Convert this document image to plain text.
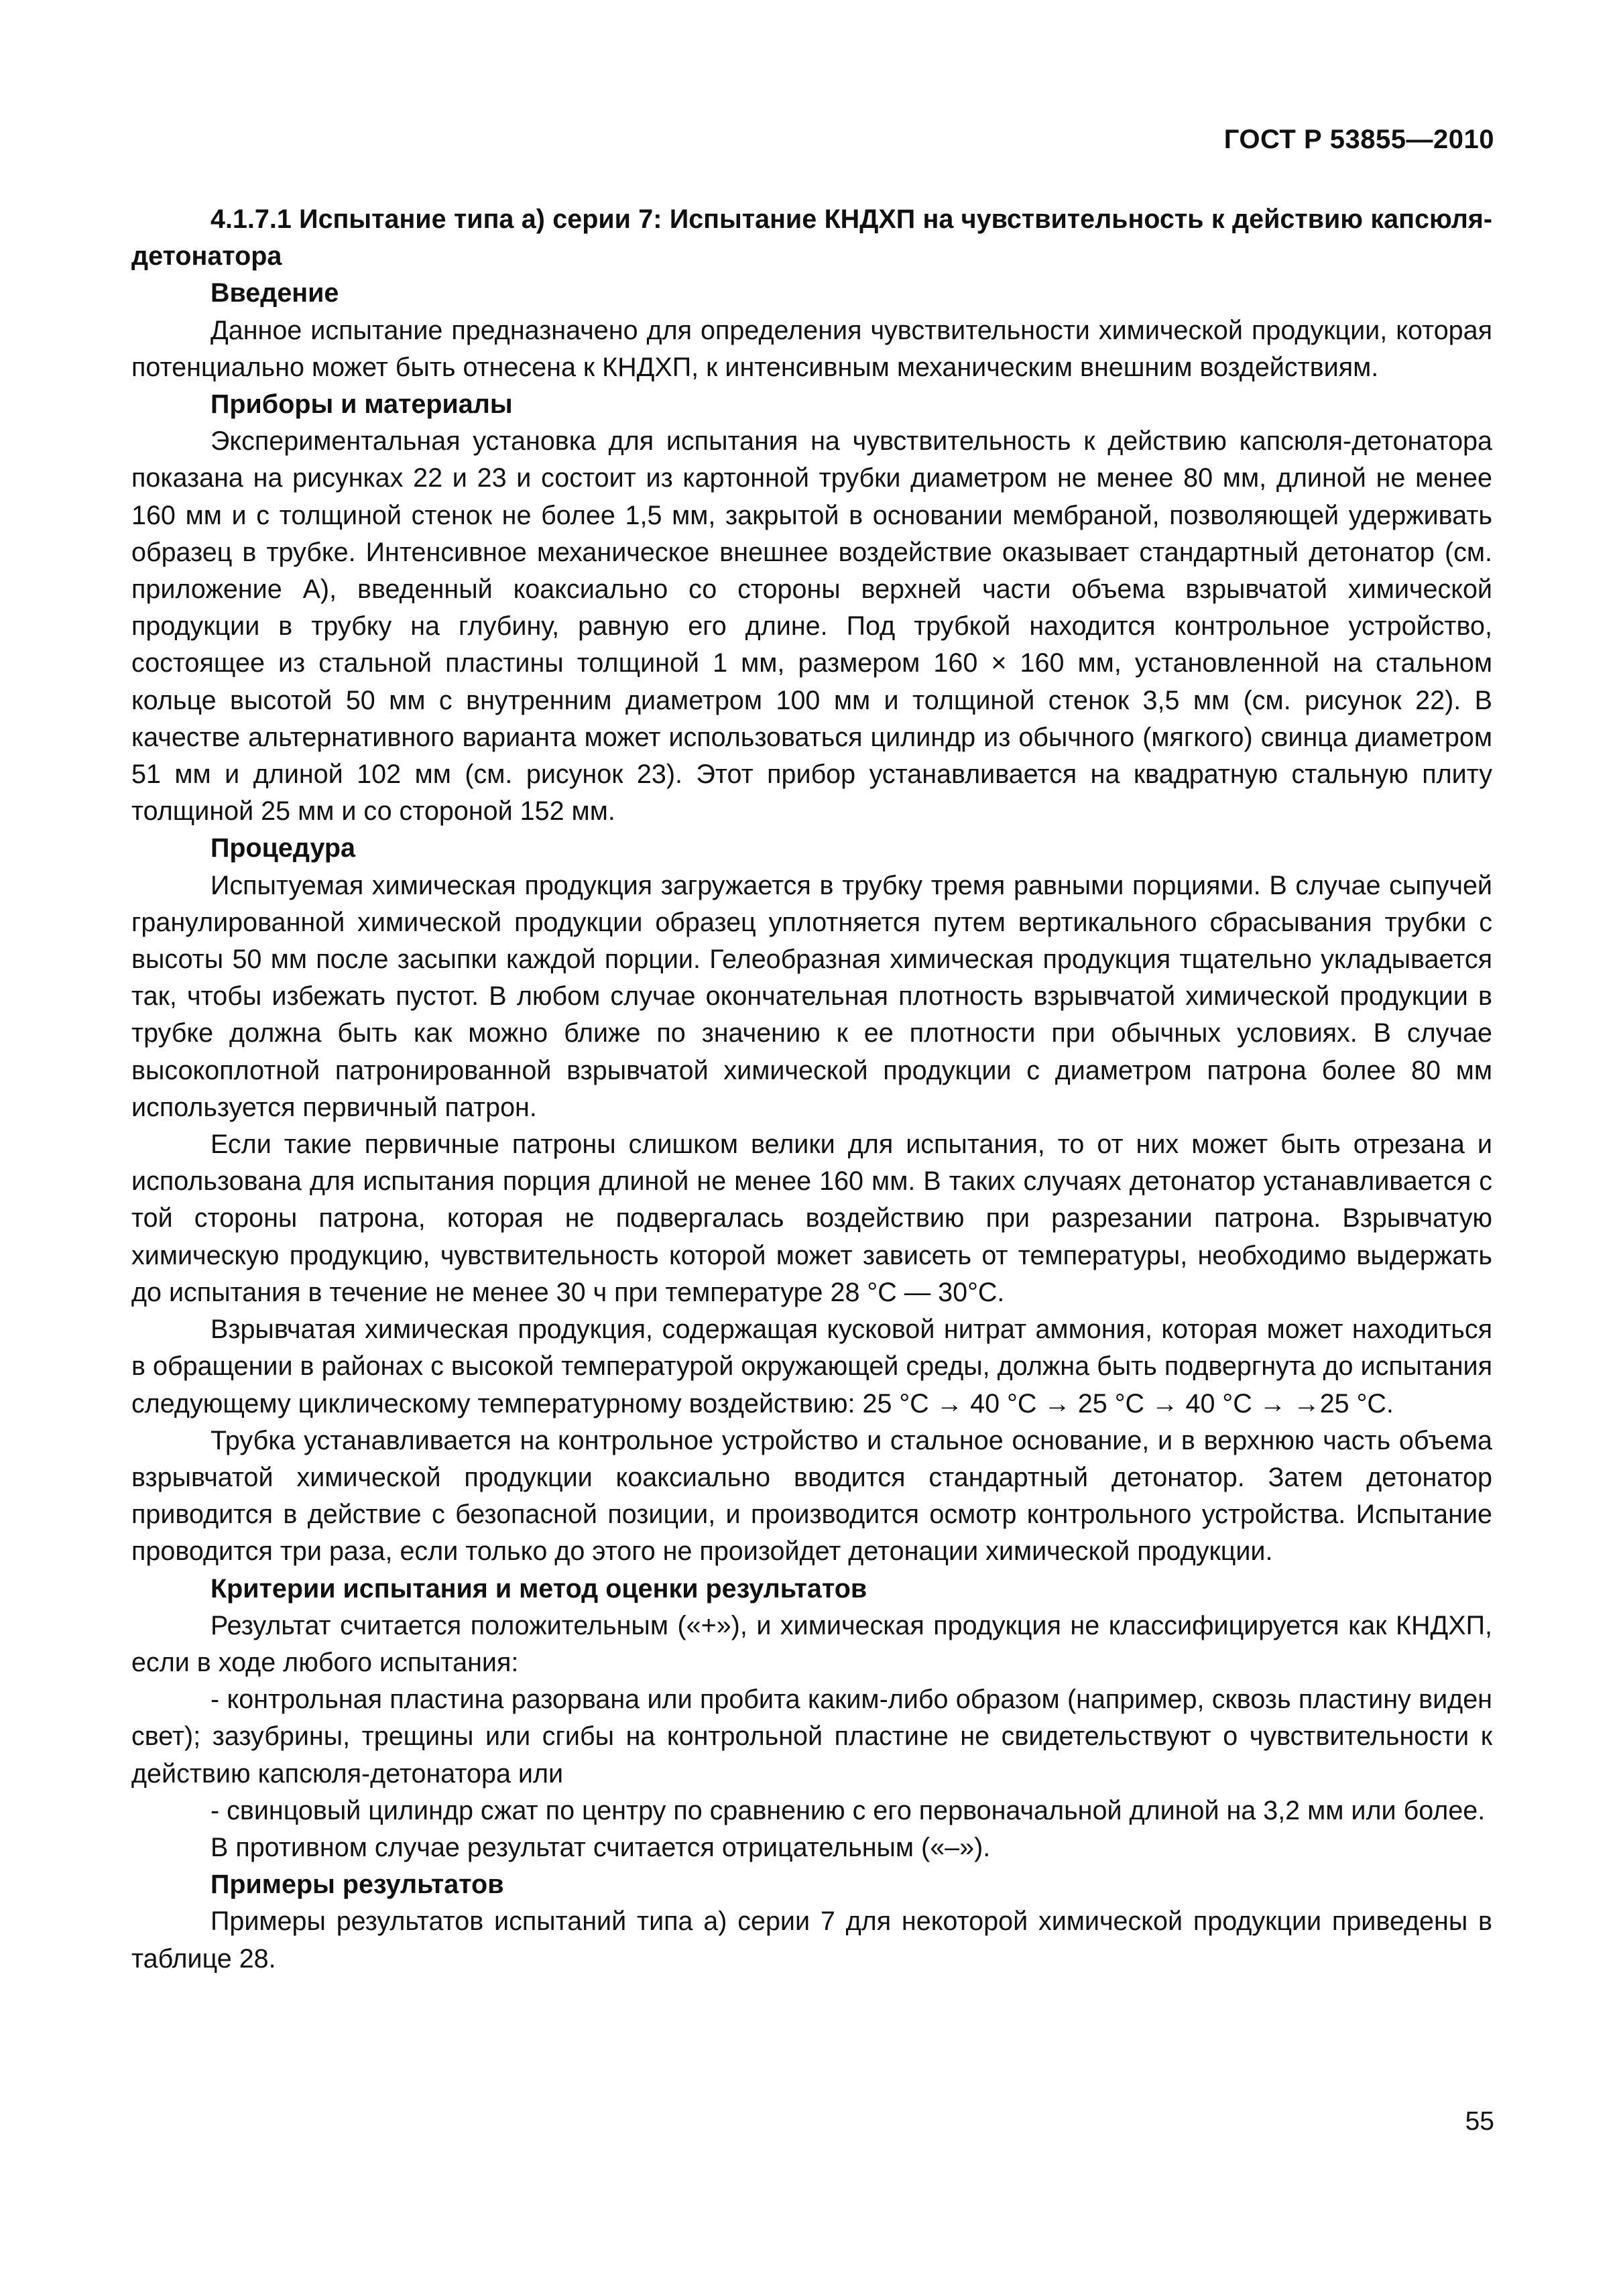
ГОСТ Р 53855—2010

4.1.7.1 Испытание типа а) серии 7: Испытание КНДХП на чувствительность к действию капсюля-детонатора

Введение

Данное испытание предназначено для определения чувствительности химической продукции, которая потенциально может быть отнесена к КНДХП, к интенсивным механическим внешним воздействиям.

Приборы и материалы

Экспериментальная установка для испытания на чувствительность к действию капсюля-детонатора показана на рисунках 22 и 23 и состоит из картонной трубки диаметром не менее 80 мм, длиной не менее 160 мм и с толщиной стенок не более 1,5 мм, закрытой в основании мембраной, позволяющей удерживать образец в трубке. Интенсивное механическое внешнее воздействие оказывает стандартный детонатор (см. приложение А), введенный коаксиально со стороны верхней части объема взрывчатой химической продукции в трубку на глубину, равную его длине. Под трубкой находится контрольное устройство, состоящее из стальной пластины толщиной 1 мм, размером 160 × 160 мм, установленной на стальном кольце высотой 50 мм с внутренним диаметром 100 мм и толщиной стенок 3,5 мм (см. рисунок 22). В качестве альтернативного варианта может использоваться цилиндр из обычного (мягкого) свинца диаметром 51 мм и длиной 102 мм (см. рисунок 23). Этот прибор устанавливается на квадратную стальную плиту толщиной 25 мм и со стороной 152 мм.

Процедура

Испытуемая химическая продукция загружается в трубку тремя равными порциями. В случае сыпучей гранулированной химической продукции образец уплотняется путем вертикального сбрасывания трубки с высоты 50 мм после засыпки каждой порции. Гелеобразная химическая продукция тщательно укладывается так, чтобы избежать пустот. В любом случае окончательная плотность взрывчатой химической продукции в трубке должна быть как можно ближе по значению к ее плотности при обычных условиях. В случае высокоплотной патронированной взрывчатой химической продукции с диаметром патрона более 80 мм используется первичный патрон.

Если такие первичные патроны слишком велики для испытания, то от них может быть отрезана и использована для испытания порция длиной не менее 160 мм. В таких случаях детонатор устанавливается с той стороны патрона, которая не подвергалась воздействию при разрезании патрона. Взрывчатую химическую продукцию, чувствительность которой может зависеть от температуры, необходимо выдержать до испытания в течение не менее 30 ч при температуре 28 °С — 30°С.

Взрывчатая химическая продукция, содержащая кусковой нитрат аммония, которая может находиться в обращении в районах с высокой температурой окружающей среды, должна быть подвергнута до испытания следующему циклическому температурному воздействию: 25 °С → 40 °С → 25 °С → 40 °С → →25 °С.

Трубка устанавливается на контрольное устройство и стальное основание, и в верхнюю часть объема взрывчатой химической продукции коаксиально вводится стандартный детонатор. Затем детонатор приводится в действие с безопасной позиции, и производится осмотр контрольного устройства. Испытание проводится три раза, если только до этого не произойдет детонации химической продукции.

Критерии испытания и метод оценки результатов

Результат считается положительным («+»), и химическая продукция не классифицируется как КНДХП, если в ходе любого испытания:

- контрольная пластина разорвана или пробита каким-либо образом (например, сквозь пластину виден свет); зазубрины, трещины или сгибы на контрольной пластине не свидетельствуют о чувствительности к действию капсюля-детонатора или

- свинцовый цилиндр сжат по центру по сравнению с его первоначальной длиной на 3,2 мм или более.

В противном случае результат считается отрицательным («–»).

Примеры результатов

Примеры результатов испытаний типа а) серии 7 для некоторой химической продукции приведены в таблице 28.

55
